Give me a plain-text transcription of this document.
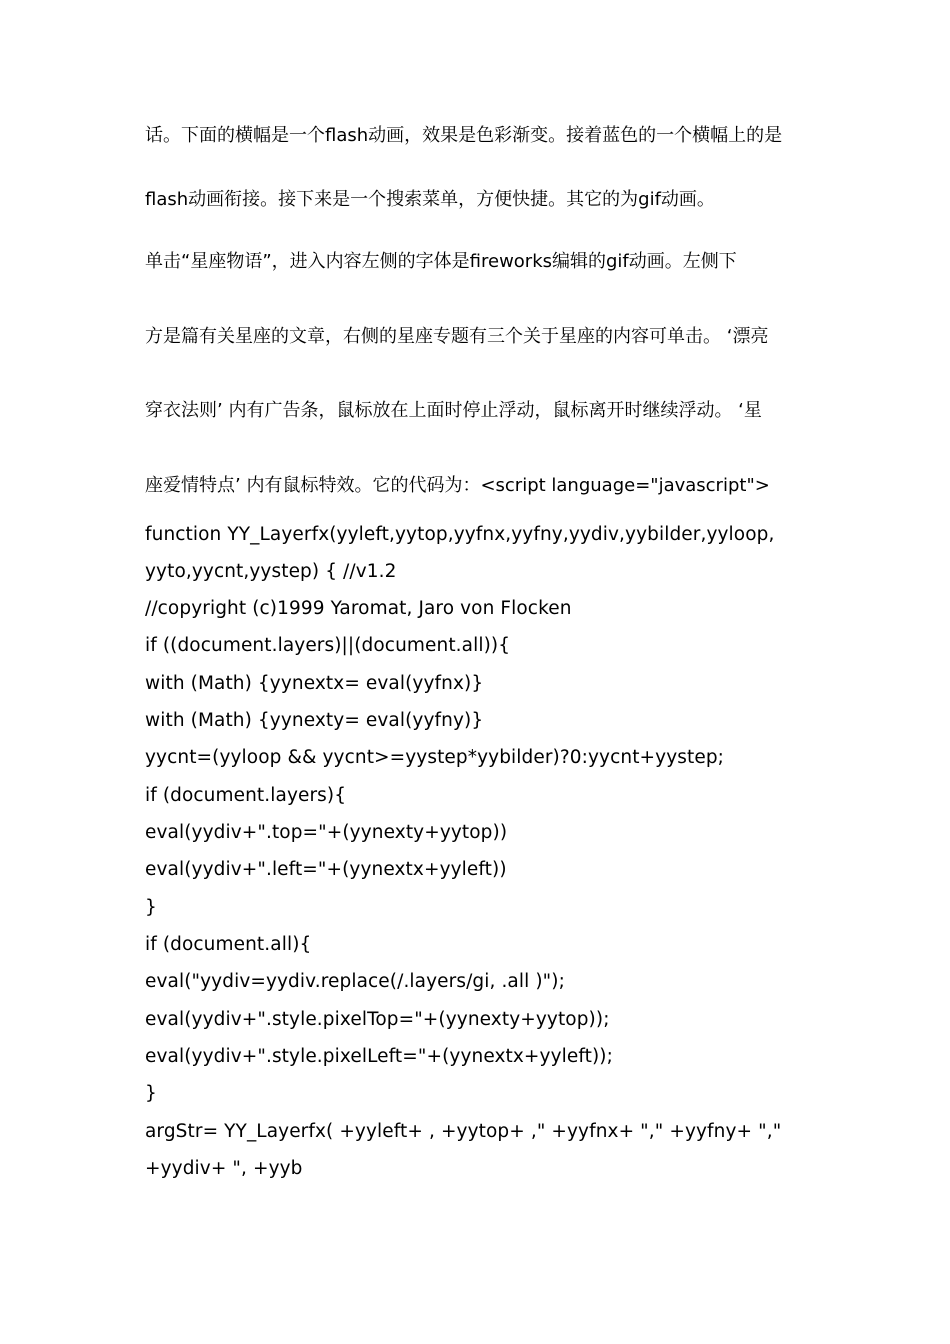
话。下面的横幅是一个flash动画，效果是色彩渐变。接着蓝色的一个横幅上的是
flash动画衔接。接下来是一个搜索菜单，方便快捷。其它的为gif动画。
单击“星座物语”，进入内容左侧的字体是fireworks编辑的gif动画。左侧下
方是篇有关星座的文章，右侧的星座专题有三个关于星座的内容可单击。 ‘漂亮
穿衣法则’ 内有广告条，鼠标放在上面时停止浮动，鼠标离开时继续浮动。 ‘星
座爱情特点’ 内有鼠标特效。它的代码为：<script language="javascript">
function YY_Layerfx(yyleft,yytop,yyfnx,yyfny,yydiv,yybilder,yyloop,
yyto,yycnt,yystep) { //v1.2
//copyright (c)1999 Yaromat, Jaro von Flocken
if ((document.layers)||(document.all)){
with (Math) {yynextx= eval(yyfnx)}
with (Math) {yynexty= eval(yyfny)}
yycnt=(yyloop && yycnt>=yystep*yybilder)?0:yycnt+yystep;
if (document.layers){
eval(yydiv+".top="+(yynexty+yytop))
eval(yydiv+".left="+(yynextx+yyleft))
}
if (document.all){
eval("yydiv=yydiv.replace(/.layers/gi, .all )");
eval(yydiv+".style.pixelTop="+(yynexty+yytop));
eval(yydiv+".style.pixelLeft="+(yynextx+yyleft));
}
argStr= YY_Layerfx( +yyleft+ , +yytop+ ," +yyfnx+ "," +yyfny+ ","
+yydiv+ ", +yyb
